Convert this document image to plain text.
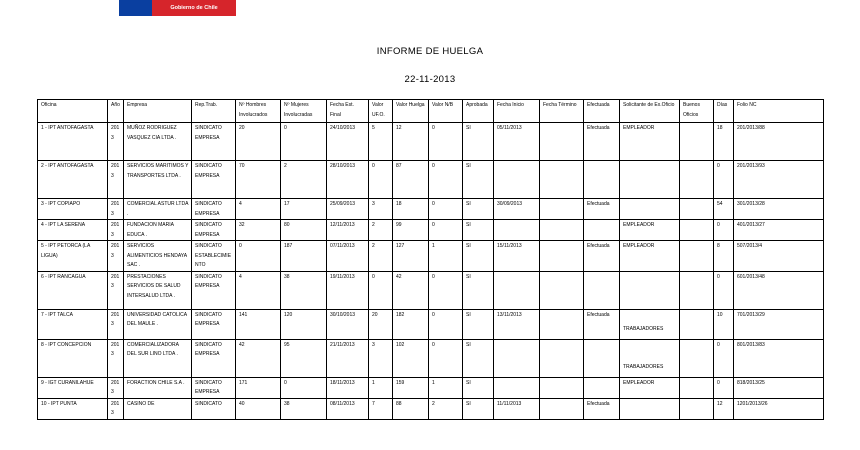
Gobierno de Chile
INFORME DE HUELGA
22-11-2013
Oficina	Año	Empresa	Rep.Trab.	Nº Hombres Involucrados	Nº Mujeres Involucradas	Fecha Est. Final	Valor UF.O.	Valor Huelga	Valor N/B	Aprobada	Fecha Inicio	Fecha Término	Efectuada	Solicitante de Ex.Oficio	Buenos Oficios	Días	Folio NC
1 - IPT ANTOFAGASTA	2013	MUÑOZ RODRIGUEZ VASQUEZ CIA LTDA .	SINDICATO EMPRESA	20	0	24/10/2013	5	12	0	SI	05/11/2013		Efectuada	EMPLEADOR		18	201/2013/88
2 - IPT ANTOFAGASTA	2013	SERVICIOS MARITIMOS Y TRANSPORTES LTDA .	SINDICATO EMPRESA	70	2	28/10/2013	0	87	0	SI						0	201/2013/93
3 - IPT COPIAPO	2013	COMERCIAL ASTUR LTDA .	SINDICATO EMPRESA	4	17	25/09/2013	3	18	0	SI	30/09/2013		Efectuada			54	301/2013/28
4 - IPT LA SERENA	2013	FUNDACION MARIA EDUCA .	SINDICATO EMPRESA	32	80	12/11/2013	2	99	0	SI				EMPLEADOR		0	401/2013/27
5 - IPT PETORCA (LA LIGUA)	2013	SERVICIOS ALIMENTICIOS HENDAYA SAC .	SINDICATO ESTABLECIMIENTO	0	187	07/11/2013	2	127	1	SI	15/11/2013		Efectuada	EMPLEADOR		8	507/2013/4
6 - IPT RANCAGUA	2013	PRESTACIONES SERVICIOS DE SALUD INTERSALUD LTDA .	SINDICATO EMPRESA	4	38	19/11/2013	0	42	0	SI						0	601/2013/48
7 - IPT TALCA	2013	UNIVERSIDAD CATOLICA DEL MAULE .	SINDICATO EMPRESA	141	120	30/10/2013	20	182	0	SI	13/11/2013		Efectuada	TRABAJADORES		10	701/2013/29
8 - IPT CONCEPCION	2013	COMERCIALIZADORA DEL SUR LINO LTDA .	SINDICATO EMPRESA	42	95	21/11/2013	3	102	0	SI				TRABAJADORES		0	801/2013/83
9 - IGT CURANILAHUE	2013	FORACTION CHILE S.A .	SINDICATO EMPRESA	171	0	18/11/2013	1	159	1	SI				EMPLEADOR		0	818/2013/25
10 - IPT PUNTA	2013	CASINO DE	SINDICATO	40	38	08/11/2013	7	88	2	SI	11/11/2013		Efectuada			12	1201/2013/26
